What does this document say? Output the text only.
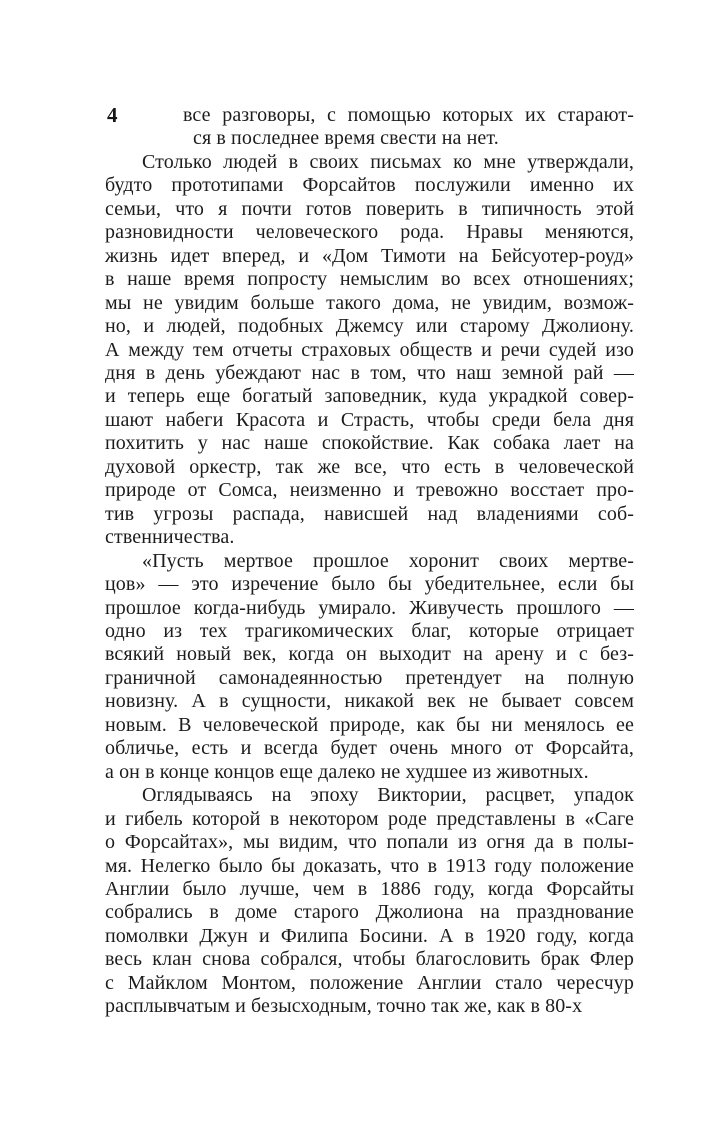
4	все разговоры, с помощью которых их старают-
ся в последнее время свести на нет.
Столько людей в своих письмах ко мне утверждали,
будто прототипами Форсайтов послужили именно их
семьи, что я почти готов поверить в типичность этой
разновидности человеческого рода. Нравы меняются,
жизнь идет вперед, и «Дом Тимоти на Бейсуотер-роуд»
в наше время попросту немыслим во всех отношениях;
мы не увидим больше такого дома, не увидим, возмож-
но, и людей, подобных Джемсу или старому Джолиону.
А между тем отчеты страховых обществ и речи судей изо
дня в день убеждают нас в том, что наш земной рай —
и теперь еще богатый заповедник, куда украдкой совер-
шают набеги Красота и Страсть, чтобы среди бела дня
похитить у нас наше спокойствие. Как собака лает на
духовой оркестр, так же все, что есть в человеческой
природе от Сомса, неизменно и тревожно восстает про-
тив угрозы распада, нависшей над владениями соб-
ственничества.
«Пусть мертвое прошлое хоронит своих мертве-
цов» — это изречение было бы убедительнее, если бы
прошлое когда-нибудь умирало. Живучесть прошлого —
одно из тех трагикомических благ, которые отрицает
всякий новый век, когда он выходит на арену и с без-
граничной самонадеянностью претендует на полную
новизну. А в сущности, никакой век не бывает совсем
новым. В человеческой природе, как бы ни менялось ее
обличье, есть и всегда будет очень много от Форсайта,
а он в конце концов еще далеко не худшее из животных.
Оглядываясь на эпоху Виктории, расцвет, упадок
и гибель которой в некотором роде представлены в «Саге
о Форсайтах», мы видим, что попали из огня да в полы-
мя. Нелегко было бы доказать, что в 1913 году положение
Англии было лучше, чем в 1886 году, когда Форсайты
собрались в доме старого Джолиона на празднование
помолвки Джун и Филипа Босини. А в 1920 году, когда
весь клан снова собрался, чтобы благословить брак Флер
с Майклом Монтом, положение Англии стало чересчур
расплывчатым и безысходным, точно так же, как в 80-х
